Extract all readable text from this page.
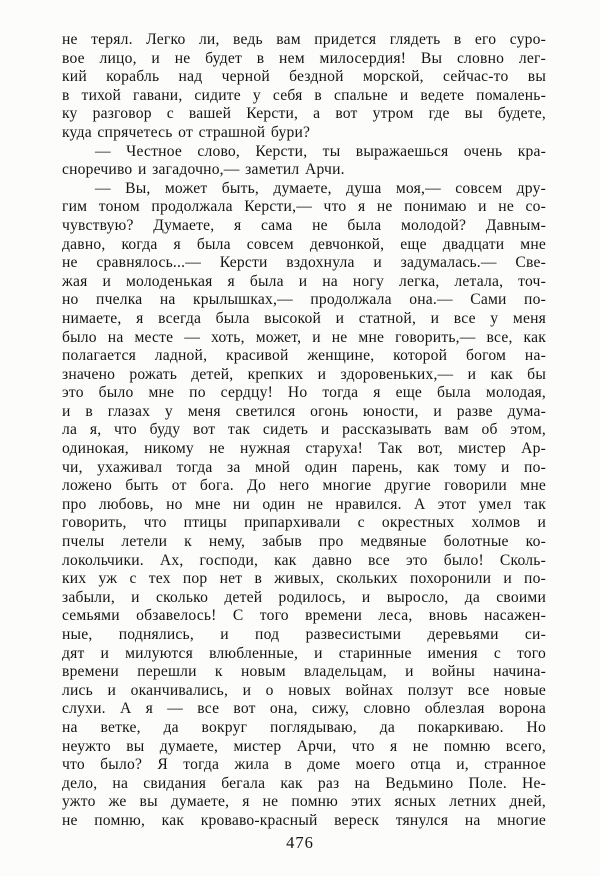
не терял. Легко ли, ведь вам придется глядеть в его суро-
вое лицо, и не будет в нем милосердия! Вы словно лег-
кий корабль над черной бездной морской, сейчас-то вы
в тихой гавани, сидите у себя в спальне и ведете помалень-
ку разговор с вашей Керсти, а вот утром где вы будете,
куда спрячетесь от страшной бури?
— Честное слово, Керсти, ты выражаешься очень кра-
сноречиво и загадочно,— заметил Арчи.
— Вы, может быть, думаете, душа моя,— совсем дру-
гим тоном продолжала Керсти,— что я не понимаю и не со-
чувствую? Думаете, я сама не была молодой? Давным-
давно, когда я была совсем девчонкой, еще двадцати мне
не сравнялось...— Керсти вздохнула и задумалась.— Све-
жая и молоденькая я была и на ногу легка, летала, точ-
но пчелка на крылышках,— продолжала она.— Сами по-
нимаете, я всегда была высокой и статной, и все у меня
было на месте — хоть, может, и не мне говорить,— все, как
полагается ладной, красивой женщине, которой богом на-
значено рожать детей, крепких и здоровеньких,— и как бы
это было мне по сердцу! Но тогда я еще была молодая,
и в глазах у меня светился огонь юности, и разве дума-
ла я, что буду вот так сидеть и рассказывать вам об этом,
одинокая, никому не нужная старуха! Так вот, мистер Ар-
чи, ухаживал тогда за мной один парень, как тому и по-
ложено быть от бога. До него многие другие говорили мне
про любовь, но мне ни один не нравился. А этот умел так
говорить, что птицы припархивали с окрестных холмов и
пчелы летели к нему, забыв про медвяные болотные ко-
локольчики. Ах, господи, как давно все это было! Сколь-
ких уж с тех пор нет в живых, скольких похоронили и по-
забыли, и сколько детей родилось, и выросло, да своими
семьями обзавелось! С того времени леса, вновь насажен-
ные, поднялись, и под развесистыми деревьями си-
дят и милуются влюбленные, и старинные имения с того
времени перешли к новым владельцам, и войны начина-
лись и оканчивались, и о новых войнах ползут все новые
слухи. А я — все вот она, сижу, словно облезлая ворона
на ветке, да вокруг поглядываю, да покаркиваю. Но
неужто вы думаете, мистер Арчи, что я не помню всего,
что было? Я тогда жила в доме моего отца и, странное
дело, на свидания бегала как раз на Ведьмино Поле. Не-
ужто же вы думаете, я не помню этих ясных летних дней,
не помню, как кроваво-красный вереск тянулся на многие
476
